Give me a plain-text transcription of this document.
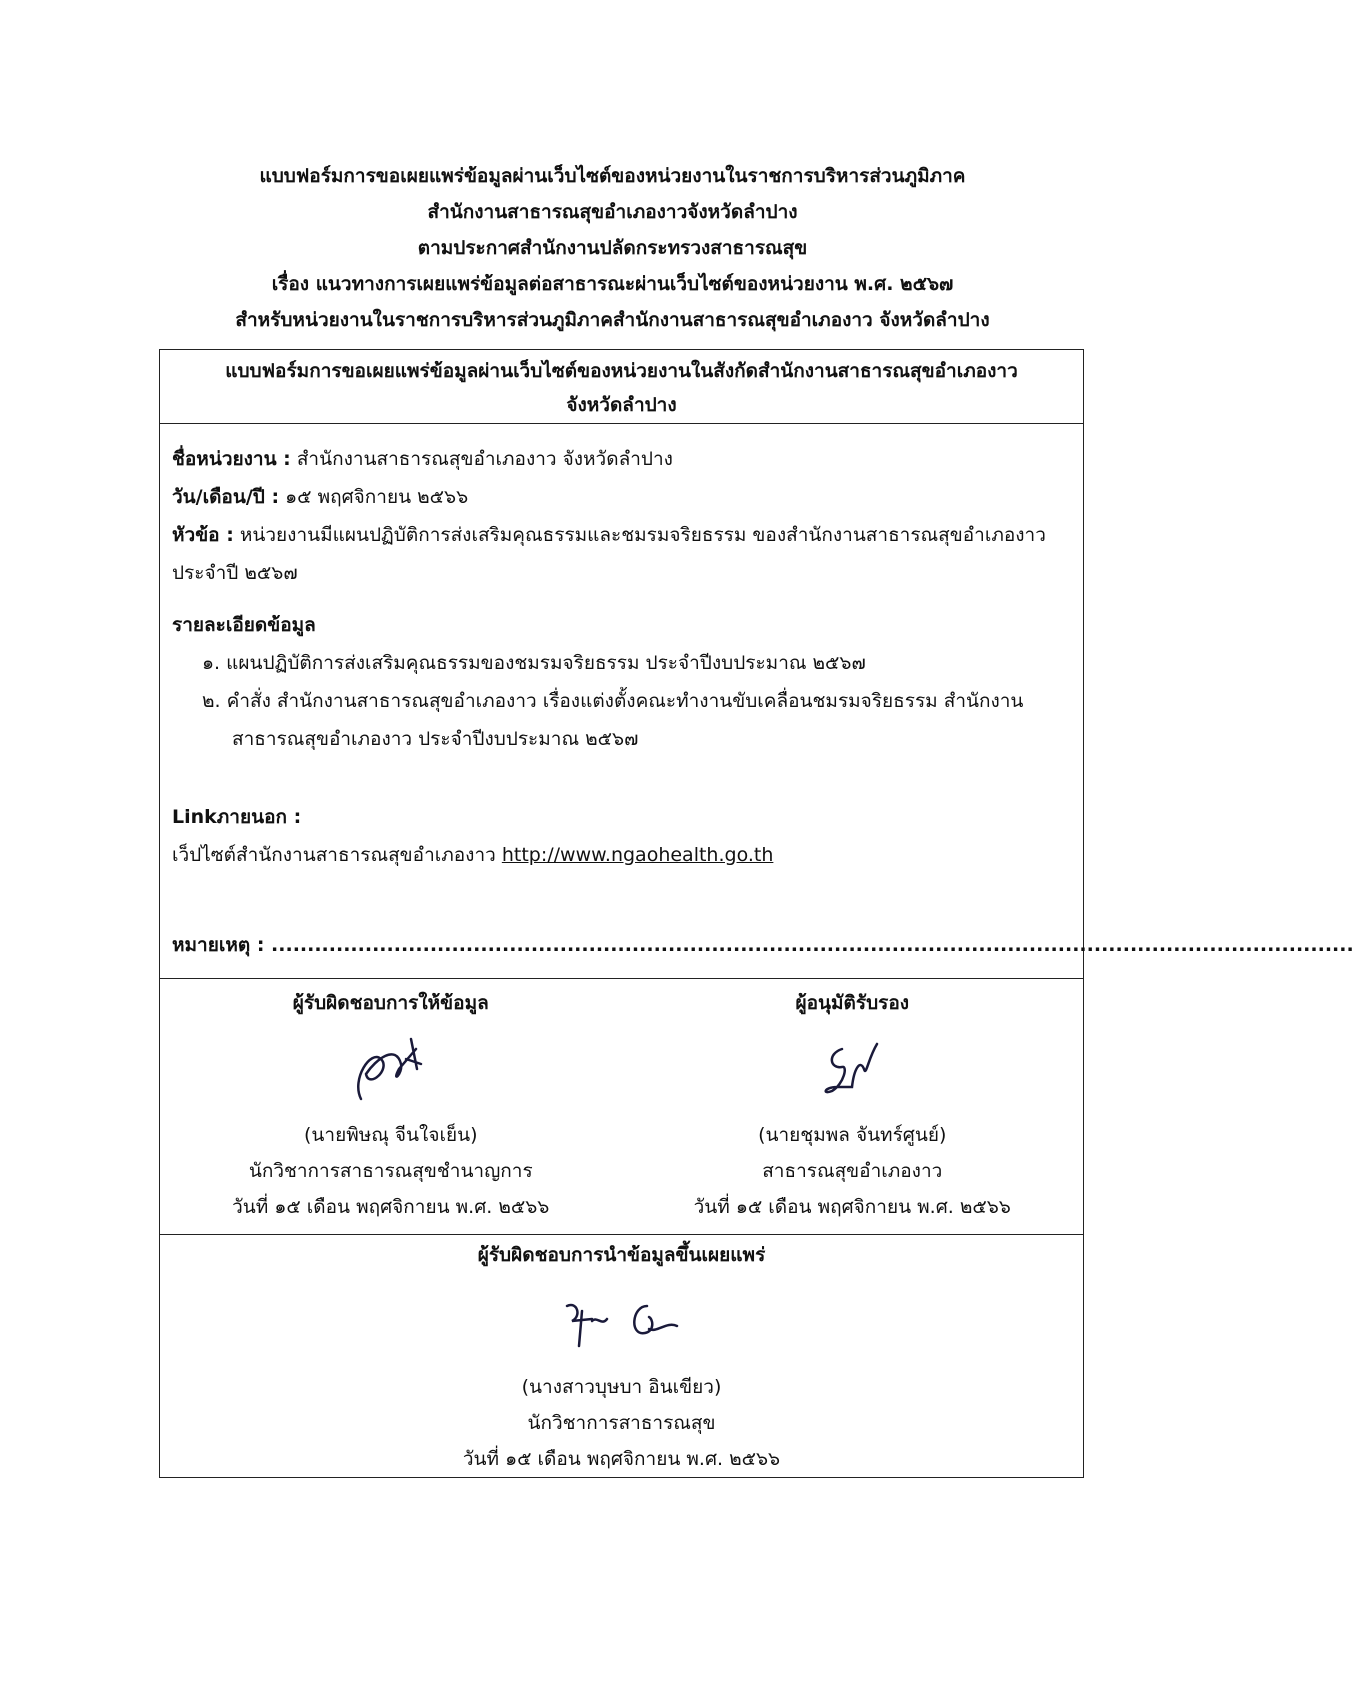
แบบฟอร์มการขอเผยแพร่ข้อมูลผ่านเว็บไซต์ของหน่วยงานในราชการบริหารส่วนภูมิภาค
สำนักงานสาธารณสุขอำเภองาวจังหวัดลำปาง
ตามประกาศสำนักงานปลัดกระทรวงสาธารณสุข
เรื่อง แนวทางการเผยแพร่ข้อมูลต่อสาธารณะผ่านเว็บไซต์ของหน่วยงาน พ.ศ. ๒๕๖๗
สำหรับหน่วยงานในราชการบริหารส่วนภูมิภาคสำนักงานสาธารณสุขอำเภองาว จังหวัดลำปาง
แบบฟอร์มการขอเผยแพร่ข้อมูลผ่านเว็บไซต์ของหน่วยงานในสังกัดสำนักงานสาธารณสุขอำเภองาว
จังหวัดลำปาง
ชื่อหน่วยงาน : สำนักงานสาธารณสุขอำเภองาว จังหวัดลำปาง
วัน/เดือน/ปี : ๑๕ พฤศจิกายน ๒๕๖๖
หัวข้อ : หน่วยงานมีแผนปฏิบัติการส่งเสริมคุณธรรมและชมรมจริยธรรม ของสำนักงานสาธารณสุขอำเภองาว ประจำปี ๒๕๖๗
รายละเอียดข้อมูล
๑. แผนปฏิบัติการส่งเสริมคุณธรรมของชมรมจริยธรรม ประจำปีงบประมาณ ๒๕๖๗
๒. คำสั่ง สำนักงานสาธารณสุขอำเภองาว เรื่องแต่งตั้งคณะทำงานขับเคลื่อนชมรมจริยธรรม สำนักงานสาธารณสุขอำเภองาว ประจำปีงบประมาณ ๒๕๖๗
Linkภายนอก :
เว็ปไซต์สำนักงานสาธารณสุขอำเภองาว http://www.ngaohealth.go.th
หมายเหตุ : ......................................................................................................................................................
ผู้รับผิดชอบการให้ข้อมูล
(นายพิษณุ จีนใจเย็น)
นักวิชาการสาธารณสุขชำนาญการ
วันที่ ๑๕ เดือน พฤศจิกายน พ.ศ. ๒๕๖๖
ผู้อนุมัติรับรอง
(นายชุมพล จันทร์ศูนย์)
สาธารณสุขอำเภองาว
วันที่ ๑๕ เดือน พฤศจิกายน พ.ศ. ๒๕๖๖
ผู้รับผิดชอบการนำข้อมูลขึ้นเผยแพร่
(นางสาวบุษบา อินเขียว)
นักวิชาการสาธารณสุข
วันที่ ๑๕ เดือน พฤศจิกายน พ.ศ. ๒๕๖๖
